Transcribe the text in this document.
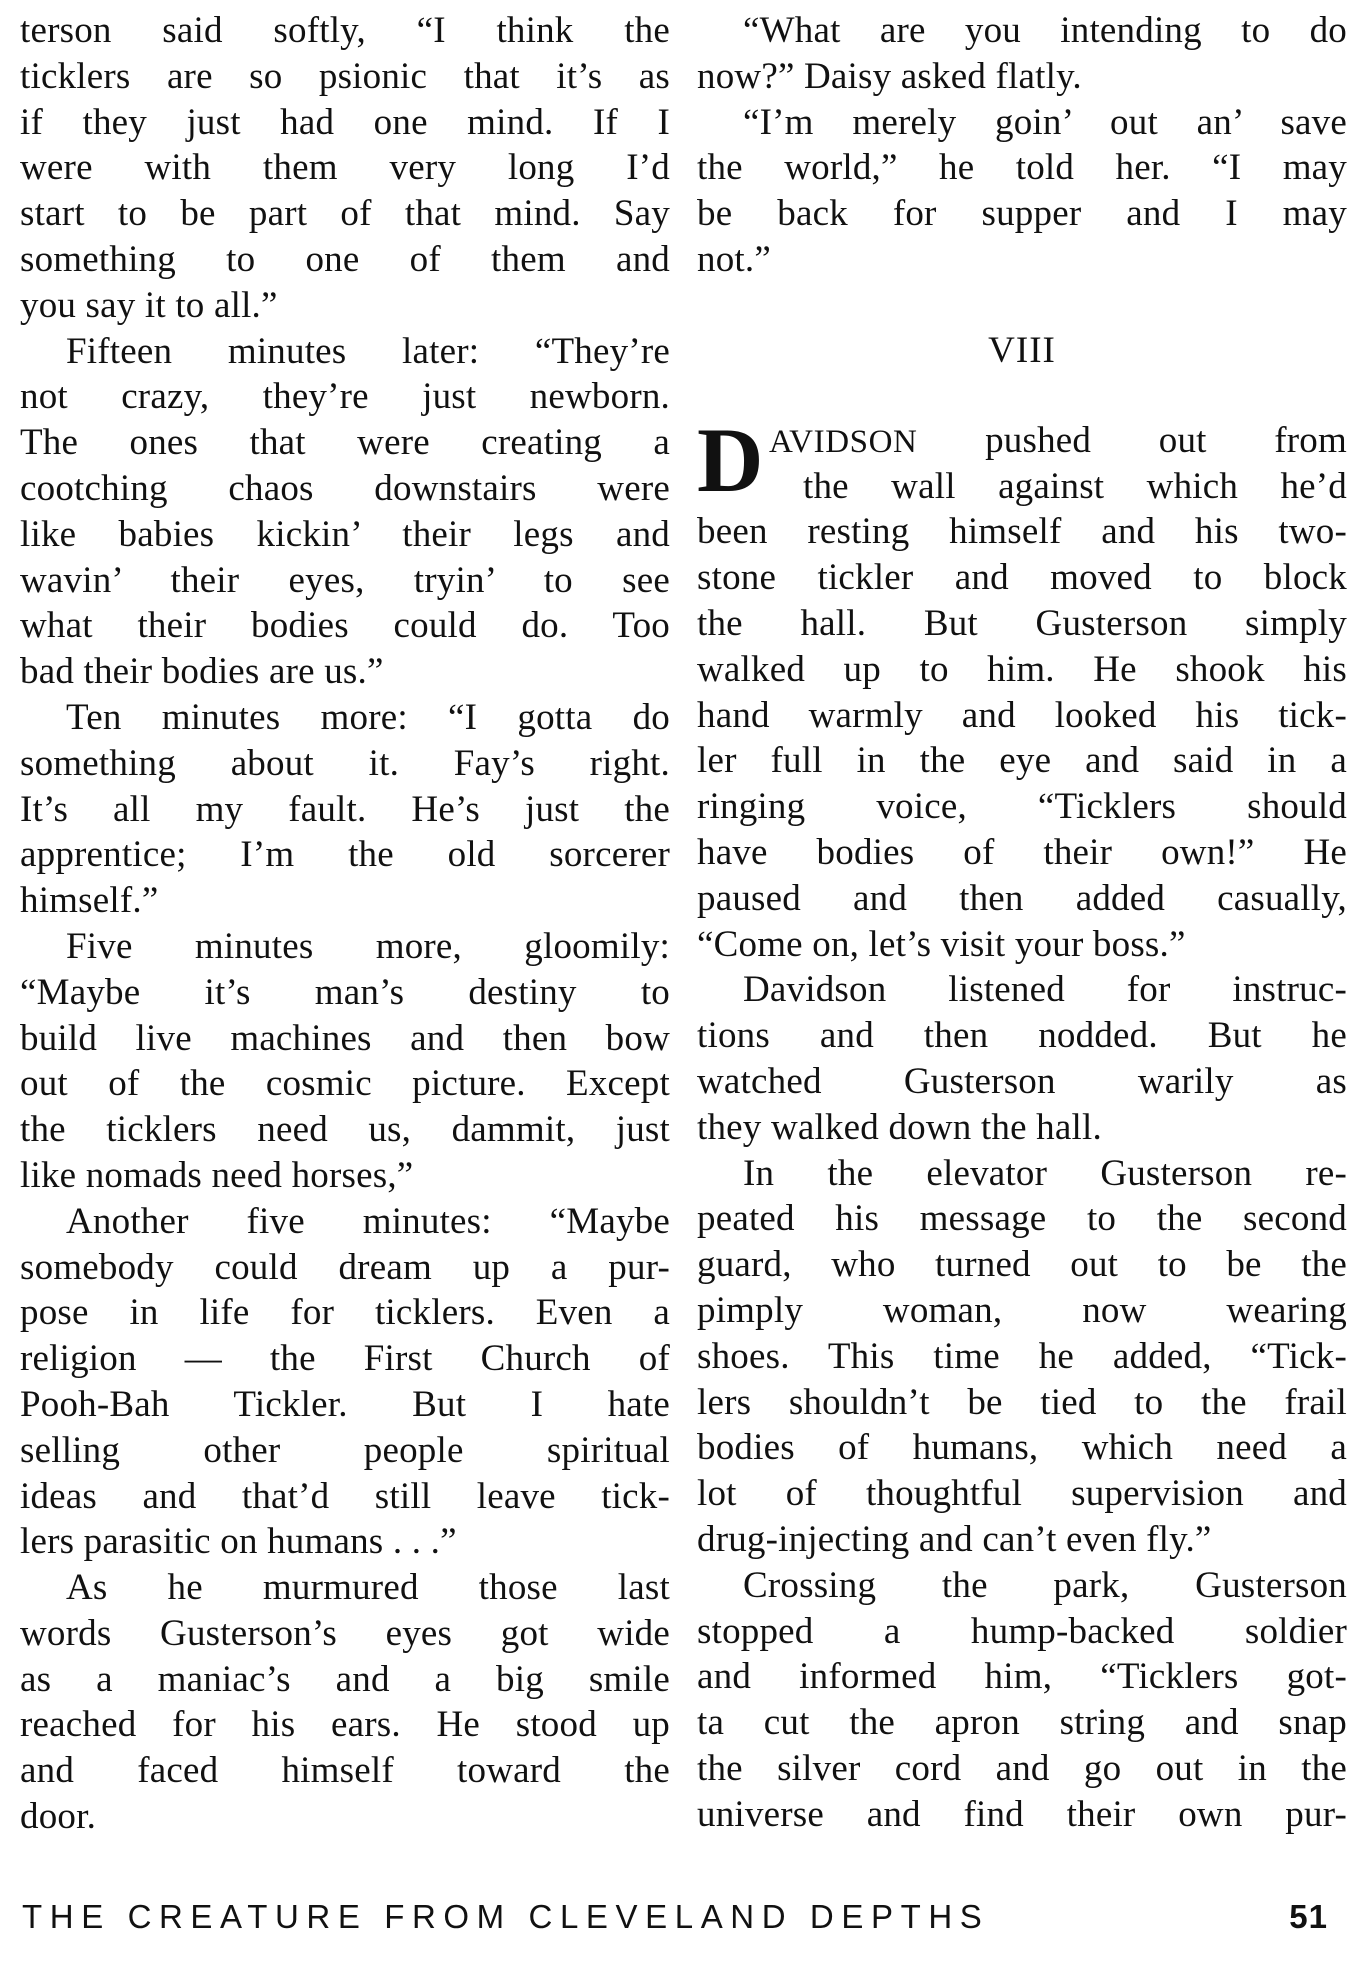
terson said softly, “I think the
ticklers are so psionic that it’s as
if they just had one mind. If I
were with them very long I’d
start to be part of that mind. Say
something to one of them and
you say it to all.”
Fifteen minutes later: “They’re
not crazy, they’re just newborn.
The ones that were creating a
cootching chaos downstairs were
like babies kickin’ their legs and
wavin’ their eyes, tryin’ to see
what their bodies could do. Too
bad their bodies are us.”
Ten minutes more: “I gotta do
something about it. Fay’s right.
It’s all my fault. He’s just the
apprentice; I’m the old sorcerer
himself.”
Five minutes more, gloomily:
“Maybe it’s man’s destiny to
build live machines and then bow
out of the cosmic picture. Except
the ticklers need us, dammit, just
like nomads need horses,”
Another five minutes: “Maybe
somebody could dream up a pur-
pose in life for ticklers. Even a
religion — the First Church of
Pooh-Bah Tickler. But I hate
selling other people spiritual
ideas and that’d still leave tick-
lers parasitic on humans . . .”
As he murmured those last
words Gusterson’s eyes got wide
as a maniac’s and a big smile
reached for his ears. He stood up
and faced himself toward the
door.
“What are you intending to do
now?” Daisy asked flatly.
“I’m merely goin’ out an’ save
the world,” he told her. “I may
be back for supper and I may
not.”
VIII
D AVIDSON pushed out from
the wall against which he’d
been resting himself and his two-
stone tickler and moved to block
the hall. But Gusterson simply
walked up to him. He shook his
hand warmly and looked his tick-
ler full in the eye and said in a
ringing voice, “Ticklers should
have bodies of their own!” He
paused and then added casually,
“Come on, let’s visit your boss.”
Davidson listened for instruc-
tions and then nodded. But he
watched Gusterson warily as
they walked down the hall.
In the elevator Gusterson re-
peated his message to the second
guard, who turned out to be the
pimply woman, now wearing
shoes. This time he added, “Tick-
lers shouldn’t be tied to the frail
bodies of humans, which need a
lot of thoughtful supervision and
drug-injecting and can’t even fly.”
Crossing the park, Gusterson
stopped a hump-backed soldier
and informed him, “Ticklers got-
ta cut the apron string and snap
the silver cord and go out in the
universe and find their own pur-
THE CREATURE FROM CLEVELAND DEPTHS	51
